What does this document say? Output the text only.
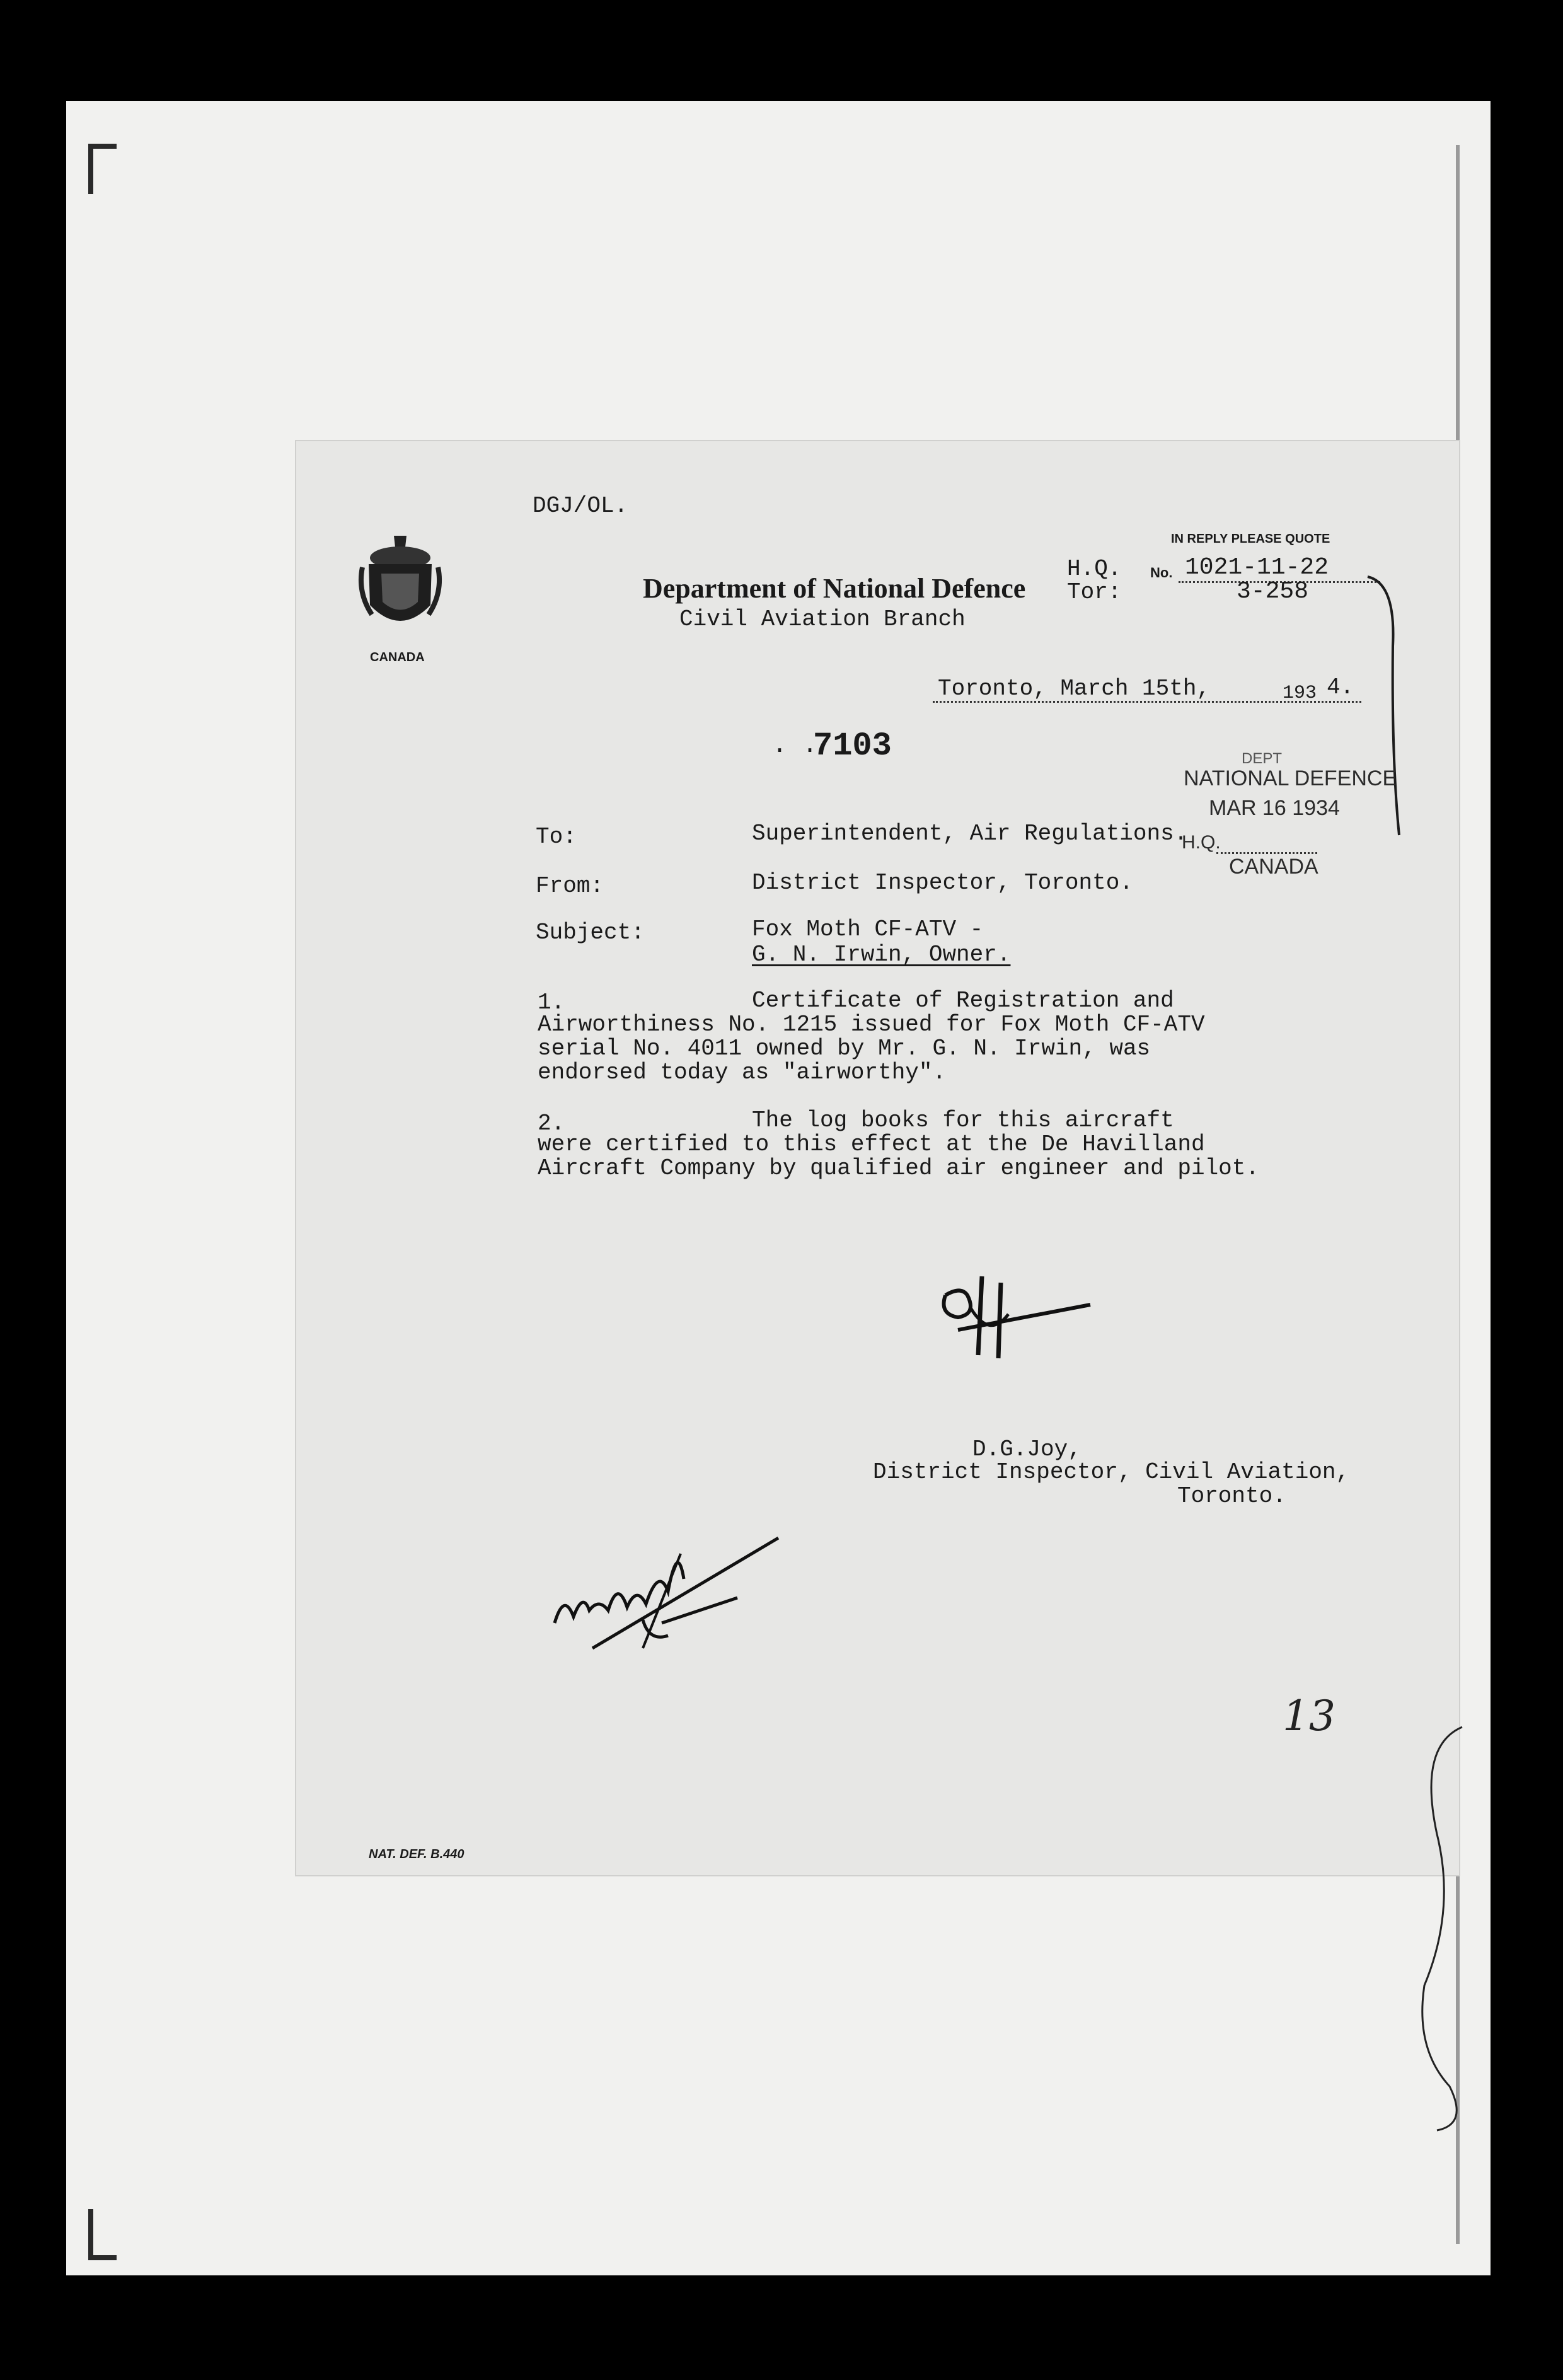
DGJ/OL.
CANADA
IN REPLY PLEASE QUOTE
H.Q. No. 1021-11-22
Tor:	3-258
Department of National Defence
Civil Aviation Branch
Toronto, March 15th,	193 4.
· ·
7103	DEPT
NATIONAL DEFENCE
MAR 16 1934
H.Q.
CANADA
To:	Superintendent, Air Regulations.
From:	District Inspector, Toronto.
Subject:	Fox Moth CF-ATV -
G. N. Irwin, Owner.
1.	Certificate of Registration and
Airworthiness No. 1215 issued for Fox Moth CF-ATV
serial No. 4011 owned by Mr. G. N. Irwin, was
endorsed today as "airworthy".
2.	The log books for this aircraft
were certified to this effect at the De Havilland
Aircraft Company by qualified air engineer and pilot.
D.G.Joy,
District Inspector, Civil Aviation,
Toronto.
13
NAT. DEF. B.440
